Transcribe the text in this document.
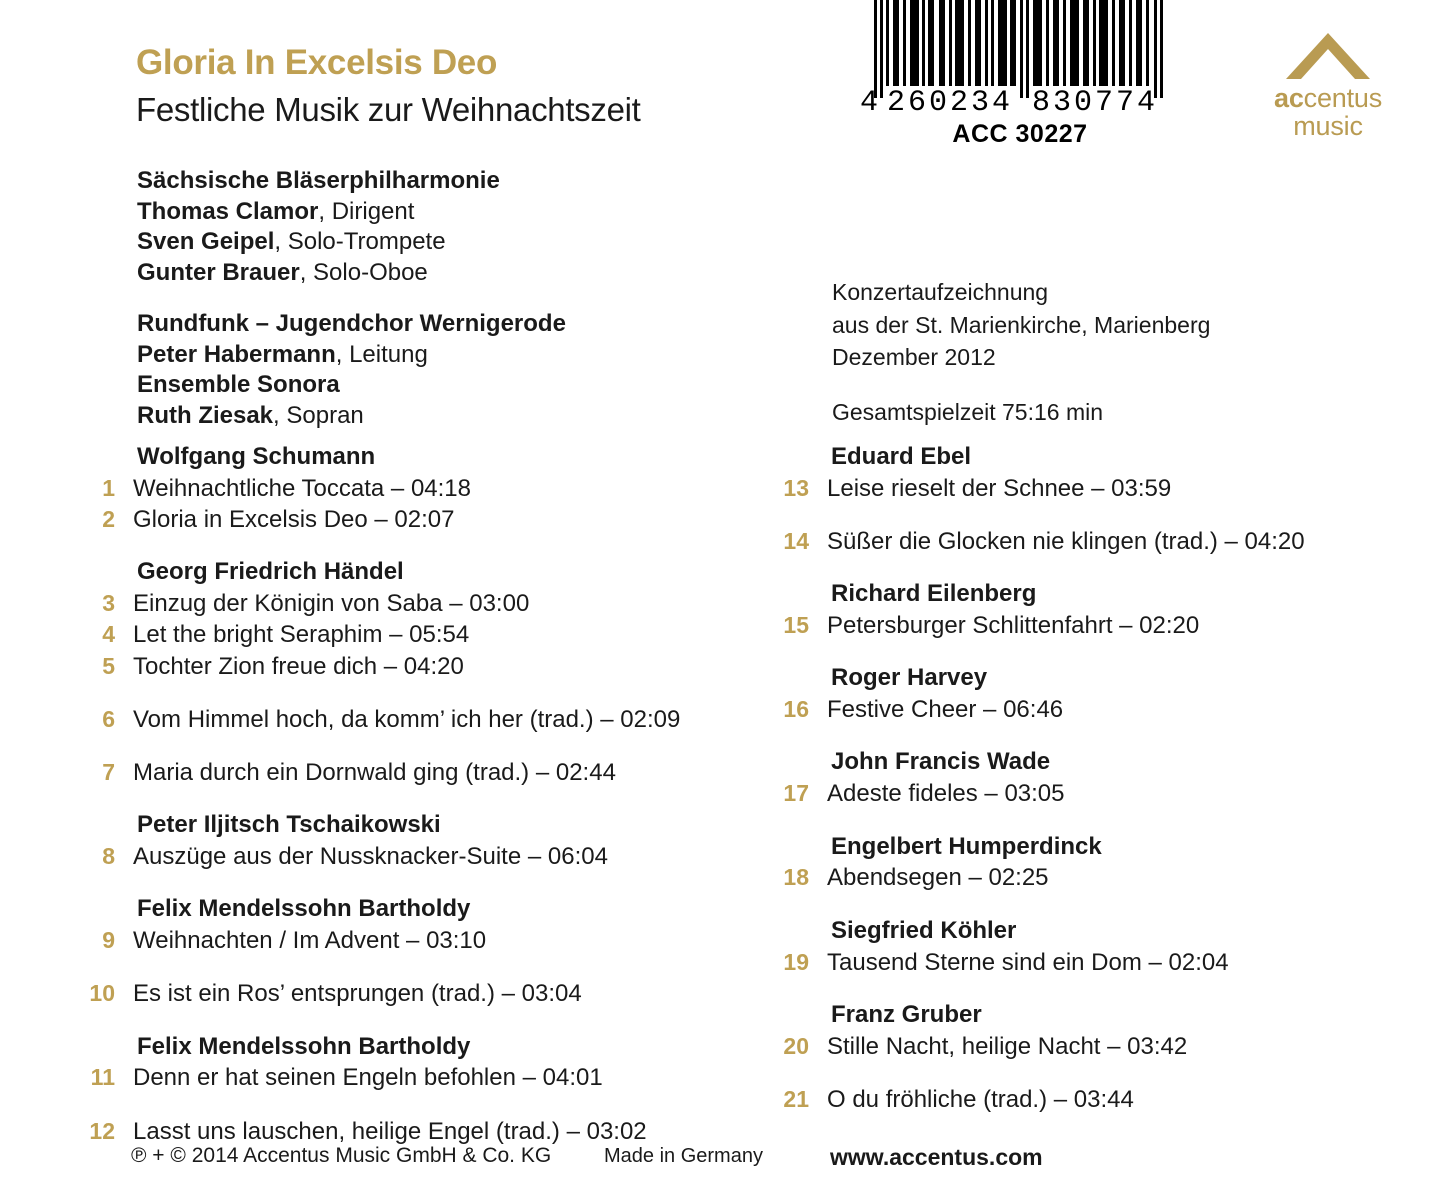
4 260234 830774
ACC 30227
accentus
music
Gloria In Excelsis Deo
Festliche Musik zur Weihnachtszeit
Sächsische Bläserphilharmonie
Thomas Clamor, Dirigent
Sven Geipel, Solo-Trompete
Gunter Brauer, Solo-Oboe
Rundfunk – Jugendchor Wernigerode
Peter Habermann, Leitung
Ensemble Sonora
Ruth Ziesak, Sopran
Konzertaufzeichnung
aus der St. Marienkirche, Marienberg
Dezember 2012
Gesamtspielzeit 75:16 min
Wolfgang Schumann
1 Weihnachtliche Toccata – 04:18
2 Gloria in Excelsis Deo – 02:07
Georg Friedrich Händel
3 Einzug der Königin von Saba – 03:00
4 Let the bright Seraphim – 05:54
5 Tochter Zion freue dich – 04:20
6 Vom Himmel hoch, da komm’ ich her (trad.) – 02:09
7 Maria durch ein Dornwald ging (trad.) – 02:44
Peter Iljitsch Tschaikowski
8 Auszüge aus der Nussknacker-Suite – 06:04
Felix Mendelssohn Bartholdy
9 Weihnachten / Im Advent – 03:10
10 Es ist ein Ros’ entsprungen (trad.) – 03:04
Felix Mendelssohn Bartholdy
11 Denn er hat seinen Engeln befohlen – 04:01
12 Lasst uns lauschen, heilige Engel (trad.) – 03:02
Eduard Ebel
13 Leise rieselt der Schnee – 03:59
14 Süßer die Glocken nie klingen (trad.) – 04:20
Richard Eilenberg
15 Petersburger Schlittenfahrt – 02:20
Roger Harvey
16 Festive Cheer – 06:46
John Francis Wade
17 Adeste fideles – 03:05
Engelbert Humperdinck
18 Abendsegen – 02:25
Siegfried Köhler
19 Tausend Sterne sind ein Dom – 02:04
Franz Gruber
20 Stille Nacht, heilige Nacht – 03:42
21 O du fröhliche (trad.) – 03:44
℗ + © 2014 Accentus Music GmbH & Co. KG	Made in Germany	www.accentus.com
